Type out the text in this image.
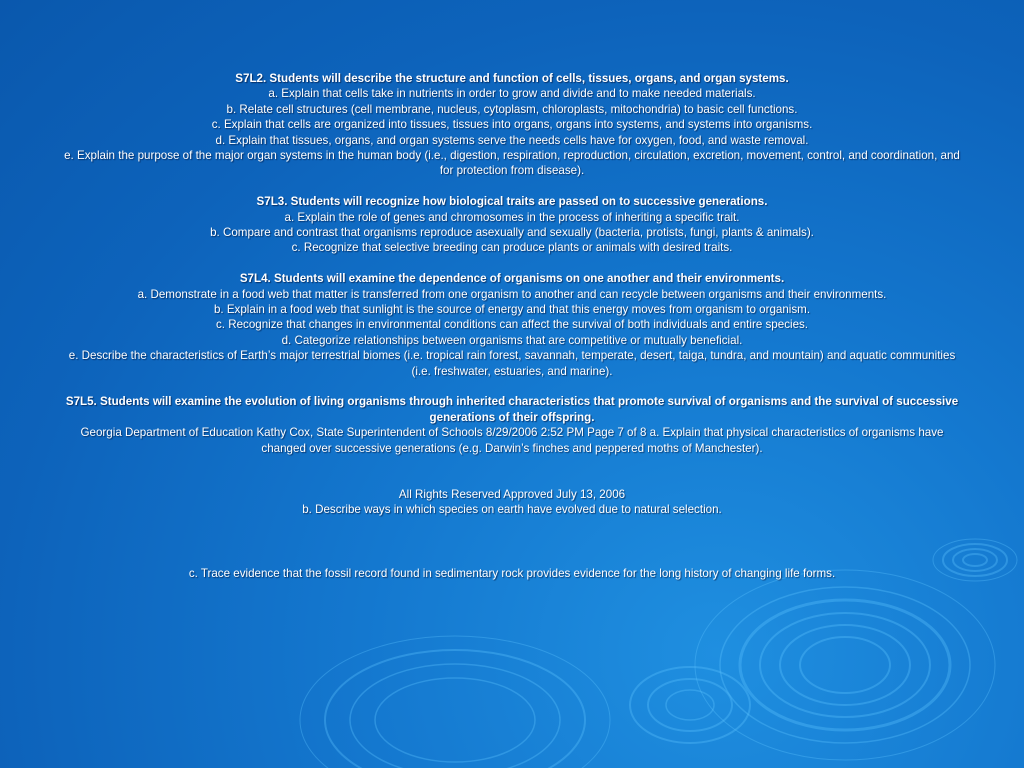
S7L2. Students will describe the structure and function of cells, tissues, organs, and organ systems.

a. Explain that cells take in nutrients in order to grow and divide and to make needed materials.

b. Relate cell structures (cell membrane, nucleus, cytoplasm, chloroplasts, mitochondria) to basic cell functions.

c. Explain that cells are organized into tissues, tissues into organs, organs into systems, and systems into organisms.

d. Explain that tissues, organs, and organ systems serve the needs cells have for oxygen, food, and waste removal.

e. Explain the purpose of the major organ systems in the human body (i.e., digestion, respiration, reproduction, circulation, excretion, movement, control, and coordination, and for protection from disease).

S7L3. Students will recognize how biological traits are passed on to successive generations.

a. Explain the role of genes and chromosomes in the process of inheriting a specific trait.

b. Compare and contrast that organisms reproduce asexually and sexually (bacteria, protists, fungi, plants & animals).

c. Recognize that selective breeding can produce plants or animals with desired traits.

S7L4. Students will examine the dependence of organisms on one another and their environments.

a. Demonstrate in a food web that matter is transferred from one organism to another and can recycle between organisms and their environments.

b. Explain in a food web that sunlight is the source of energy and that this energy moves from organism to organism.

c. Recognize that changes in environmental conditions can affect the survival of both individuals and entire species.

d. Categorize relationships between organisms that are competitive or mutually beneficial.

e. Describe the characteristics of Earth’s major terrestrial biomes (i.e. tropical rain forest, savannah, temperate, desert, taiga, tundra, and mountain) and aquatic communities (i.e. freshwater, estuaries, and marine).

S7L5. Students will examine the evolution of living organisms through inherited characteristics that promote survival of organisms and the survival of successive generations of their offspring.

Georgia Department of Education Kathy Cox, State Superintendent of Schools 8/29/2006 2:52 PM Page 7 of 8 a. Explain that physical characteristics of organisms have changed over successive generations (e.g. Darwin’s finches and peppered moths of Manchester).

All Rights Reserved Approved July 13, 2006

b. Describe ways in which species on earth have evolved due to natural selection.

c. Trace evidence that the fossil record found in sedimentary rock provides evidence for the long history of changing life forms.
